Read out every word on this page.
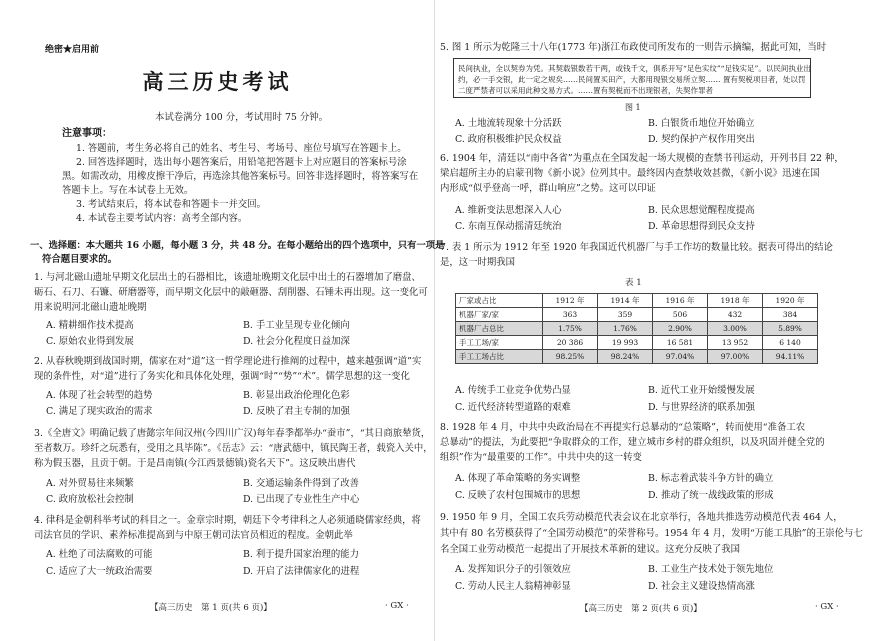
绝密★启用前
高三历史考试
本试卷满分 100 分，考试用时 75 分钟。
注意事项：
1. 答题前，考生务必将自己的姓名、考生号、考场号、座位号填写在答题卡上。
2. 回答选择题时，选出每小题答案后，用铅笔把答题卡上对应题目的答案标号涂
黑。如需改动，用橡皮擦干净后，再选涂其他答案标号。回答非选择题时，将答案写在
答题卡上。写在本试卷上无效。
3. 考试结束后，将本试卷和答题卡一并交回。
4. 本试卷主要考试内容：高考全部内容。
一、选择题：本大题共 16 小题，每小题 3 分，共 48 分。在每小题给出的四个选项中，只有一项是
符合题目要求的。
1. 与河北磁山遗址早期文化层出土的石器相比，该遗址晚期文化层中出土的石器增加了磨盘、
砺石、石刀、石镰、研磨器等，而早期文化层中的敲砸器、刮削器、石锤未再出现。这一变化可
用来说明河北磁山遗址晚期
A. 精耕细作技术提高	B. 手工业呈现专业化倾向
C. 原始农业得到发展	D. 社会分化程度日益加深
2. 从春秋晚期到战国时期，儒家在对“道”这一哲学理论进行推阐的过程中，越来越强调“道”实
现的条件性，对“道”进行了务实化和具体化处理，强调“时”“势”“术”。儒学思想的这一变化
A. 体现了社会转型的趋势	B. 彰显出政治伦理化色彩
C. 满足了现实政治的需求	D. 反映了君主专制的加强
3.《全唐文》明确记载了唐懿宗年间汉州(今四川广汉)每年春季都举办“蚕市”，“其日商旅辇货，
至者数万。珍纤之玩悉有，受用之具毕陈”。《岳志》云：“唐武德中，镇民陶王者，载瓷入关中，
称为假玉器，且贡于朝。于是昌南镇(今江西景德镇)瓷名天下”。这反映出唐代
A. 对外贸易往来频繁	B. 交通运输条件得到了改善
C. 政府放松社会控制	D. 已出现了专业性生产中心
4. 律科是金朝科举考试的科目之一。金章宗时期，朝廷下令考律科之人必须通晓儒家经典，将
司法官员的学识、素养标准提高到与中原王朝司法官员相近的程度。金朝此举
A. 杜绝了司法腐败的可能	B. 利于提升国家治理的能力
C. 适应了大一统政治需要	D. 开启了法律儒家化的进程
【高三历史　第 1 页(共 6 页)】	· GX ·
5. 图 1 所示为乾隆三十八年(1773 年)浙江布政使司所发布的一则告示摘编，据此可知，当时
民间执业，全以契券为凭。其契载银数若干两，或钱千文，俱系开写“足色实纹”“足钱实足”。以民间执业出
约，必一手交银，此一定之规矣……民间置买田产，大都用现银交易所立契…… 置有契税项目者，处以罚
二度严禁者可以采用此种交易方式。……置有契税而不出现银者，失契作罪者
图 1
A. 土地流转现象十分活跃	B. 白银货币地位开始确立
C. 政府积极维护民众权益	D. 契约保护产权作用突出
6. 1904 年，清廷以“南中各省”为重点在全国发起一场大规模的查禁书刊运动，开列书目 22 种，
梁启超所主办的启蒙刊物《新小说》位列其中。最终因内查禁收效甚微，《新小说》迅速在国
内形成“似乎登高一呼，群山响应”之势。这可以印证
A. 维新变法思想深入人心	B. 民众思想觉醒程度提高
C. 东南互保动摇清廷统治	D. 革命思想得到民众支持
7. 表 1 所示为 1912 年至 1920 年我国近代机器厂与手工作坊的数量比较。据表可得出的结论
是，这一时期我国
表 1
厂家或占比	1912 年	1914 年	1916 年	1918 年	1920 年
机器厂家/家	363	359	506	432	384
机器厂占总比	1.75%	1.76%	2.90%	3.00%	5.89%
手工工场/家	20 386	19 993	16 581	13 952	6 140
手工工场占比	98.25%	98.24%	97.04%	97.00%	94.11%
A. 传统手工业竞争优势凸显	B. 近代工业开始缓慢发展
C. 近代经济转型道路的艰难	D. 与世界经济的联系加强
8. 1928 年 4 月，中共中央政治局在不再提实行总暴动的“总策略”，转而使用“准备工农
总暴动”的提法，为此要把“争取群众的工作，建立城市乡村的群众组织，以及巩固并健全党的
组织”作为“最重要的工作”。中共中央的这一转变
A. 体现了革命策略的务实调整	B. 标志着武装斗争方针的确立
C. 反映了农村包围城市的思想	D. 推动了统一战线政策的形成
9. 1950 年 9 月，全国工农兵劳动模范代表会议在北京举行，各地共推选劳动模范代表 464 人，
其中有 80 名劳模获得了“全国劳动模范”的荣誉称号。1954 年 4 月，发明“万能工具胎”的王崇伦与七
名全国工业劳动模范一起提出了开展技术革新的建议。这充分反映了我国
A. 发挥知识分子的引领效应	B. 工业生产技术处于领先地位
C. 劳动人民主人翁精神彰显	D. 社会主义建设热情高涨
【高三历史　第 2 页(共 6 页)】	· GX ·
